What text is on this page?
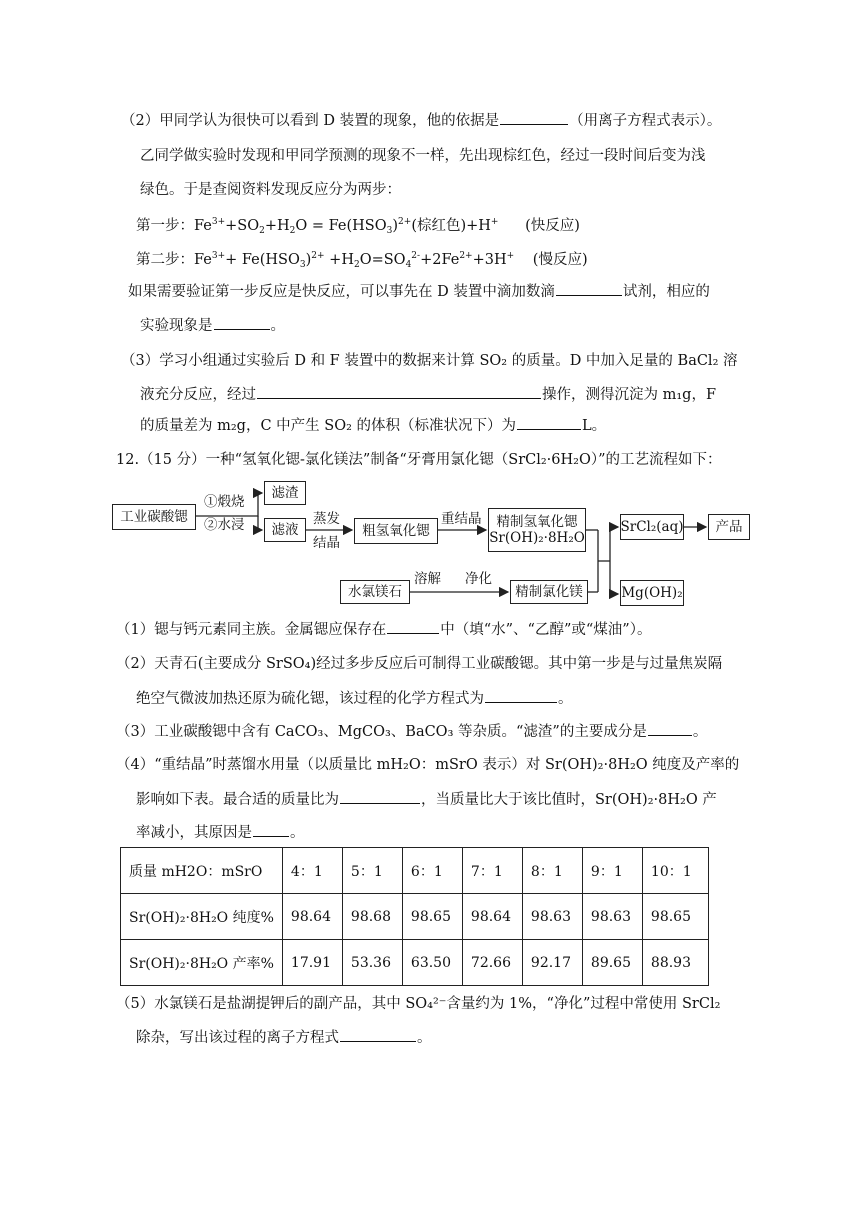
（2）甲同学认为很快可以看到 D 装置的现象，他的依据是	（用离子方程式表示）。
乙同学做实验时发现和甲同学预测的现象不一样，先出现棕红色，经过一段时间后变为浅
绿色。于是查阅资料发现反应分为两步：
第一步：$Fe^{3+}+SO_2+H_2O = Fe(HSO_3)^{2+}$(棕红色)+H+ (快反应)
第二步：$Fe^{3+}+ Fe(HSO_3)^{2+} +H_2O=SO_4^{2-}+2Fe^{2+}+3H^+$ (慢反应)
如果需要验证第一步反应是快反应，可以事先在 D 装置中滴加数滴	试剂，相应的
实验现象是	。
（3）学习小组通过实验后 D 和 F 装置中的数据来计算 SO₂ 的质量。D 中加入足量的 BaCl₂ 溶
液充分反应，经过	操作，测得沉淀为 m₁g，F
的质量差为 m₂g，C 中产生 SO₂ 的体积（标准状况下）为	L。
12.（15 分）一种“氢氧化锶-氯化镁法”制备“牙膏用氯化锶（SrCl₂·6H₂O）”的工艺流程如下：
工业碳酸锶
①煅烧
②水浸
滤渣
滤液
蒸发
结晶
粗氢氧化锶
重结晶 精制氢氧化锶
Sr(OH)₂·8H₂O
SrCl₂(aq)	产品
水氯镁石
溶解 净化
精制氯化镁	Mg(OH)₂
（1）锶与钙元素同主族。金属锶应保存在	中（填“水”、“乙醇”或“煤油”）。
（2）天青石(主要成分 SrSO₄)经过多步反应后可制得工业碳酸锶。其中第一步是与过量焦炭隔
绝空气微波加热还原为硫化锶，该过程的化学方程式为	。
（3）工业碳酸锶中含有 CaCO₃、MgCO₃、BaCO₃ 等杂质。“滤渣”的主要成分是	。
（4）“重结晶”时蒸馏水用量（以质量比 mH₂O：mSrO 表示）对 Sr(OH)₂·8H₂O 纯度及产率的
影响如下表。最合适的质量比为	，当质量比大于该比值时，Sr(OH)₂·8H₂O 产
率减小，其原因是	。
质量 mH2O：mSrO	4：1	5：1	6：1	7：1	8：1	9：1	10：1
Sr(OH)₂·8H₂O 纯度%	98.64	98.68	98.65	98.64	98.63	98.63	98.65
Sr(OH)₂·8H₂O 产率%	17.91	53.36	63.50	72.66	92.17	89.65	88.93
（5）水氯镁石是盐湖提钾后的副产品，其中 SO₄²⁻含量约为 1%，“净化”过程中常使用 SrCl₂
除杂，写出该过程的离子方程式	。
